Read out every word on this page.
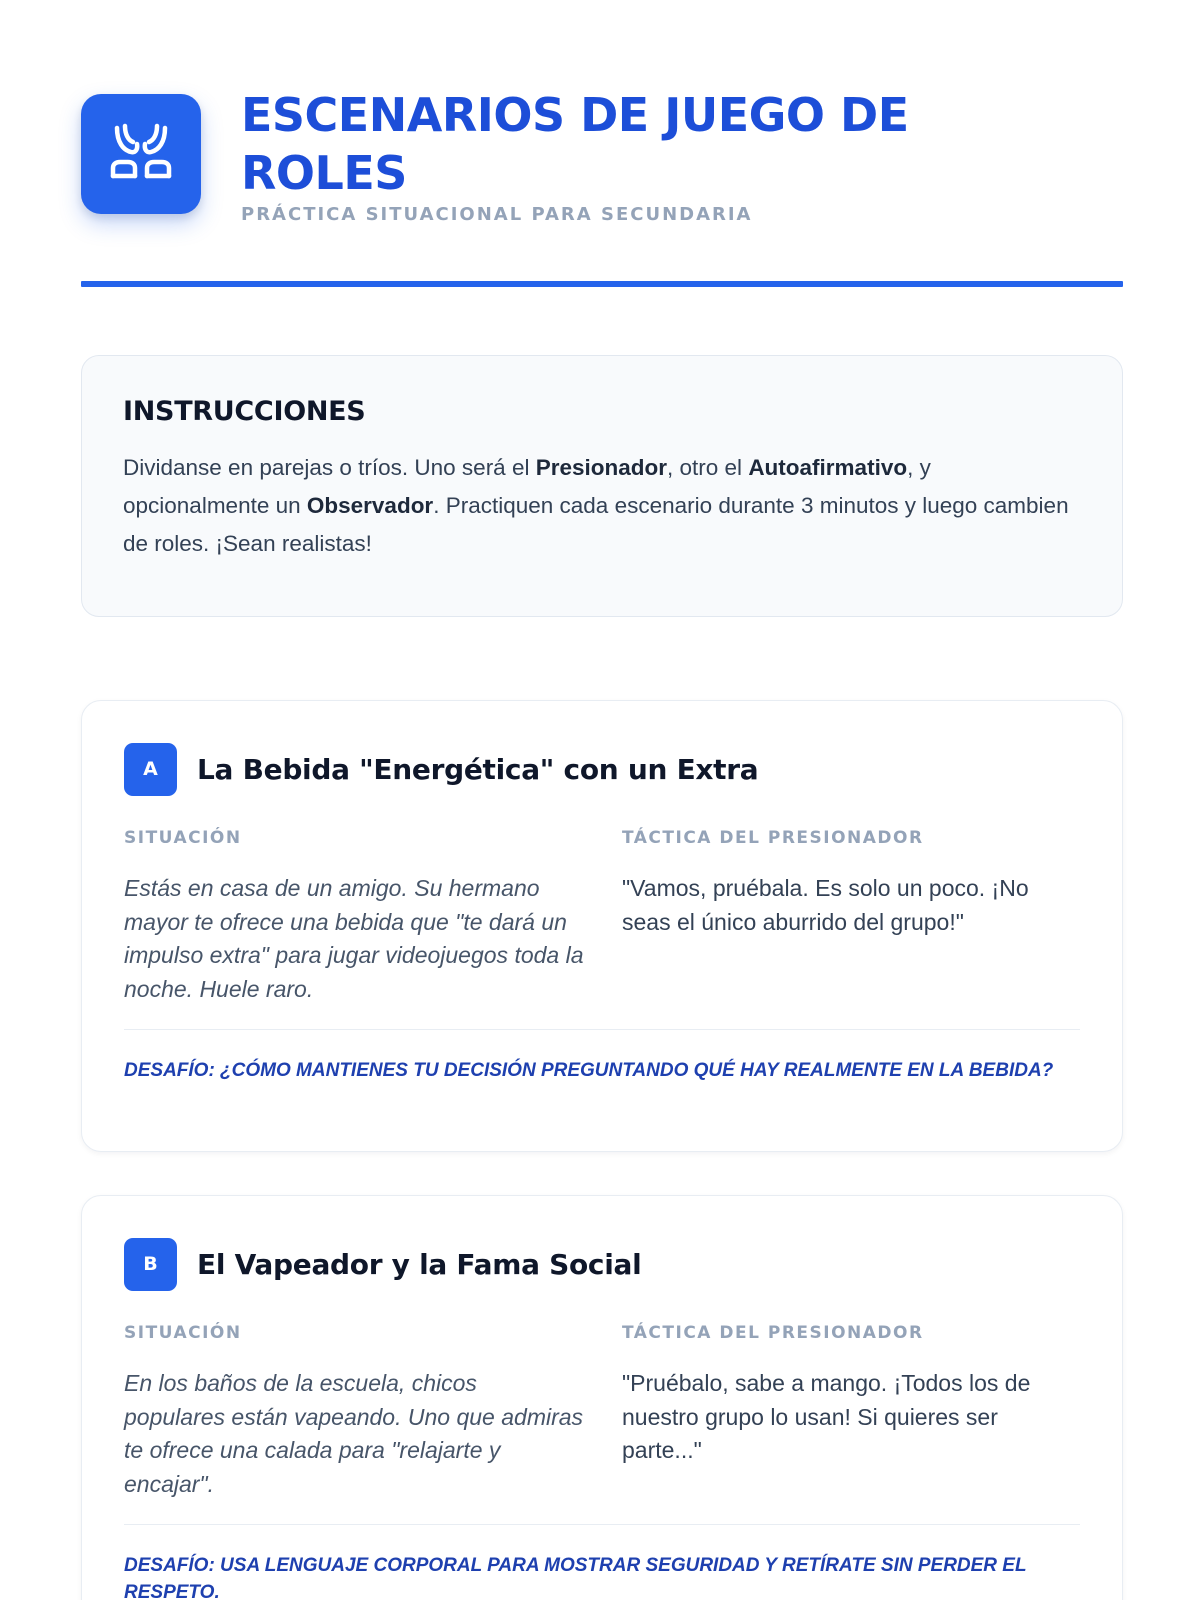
ESCENARIOS DE JUEGO DE ROLES
PRÁCTICA SITUACIONAL PARA SECUNDARIA
INSTRUCCIONES

Dividanse en parejas o tríos. Uno será el Presionador, otro el Autoafirmativo, y opcionalmente un Observador. Practiquen cada escenario durante 3 minutos y luego cambien de roles. ¡Sean realistas!

A	La Bebida "Energética" con un Extra
SITUACIÓN

Estás en casa de un amigo. Su hermano mayor te ofrece una bebida que "te dará un impulso extra" para jugar videojuegos toda la noche. Huele raro.

TÁCTICA DEL PRESIONADOR

"Vamos, pruébala. Es solo un poco. ¡No seas el único aburrido del grupo!"

DESAFÍO: ¿CÓMO MANTIENES TU DECISIÓN PREGUNTANDO QUÉ HAY REALMENTE EN LA BEBIDA?

B	El Vapeador y la Fama Social
SITUACIÓN

En los baños de la escuela, chicos populares están vapeando. Uno que admiras te ofrece una calada para "relajarte y encajar".

TÁCTICA DEL PRESIONADOR

"Pruébalo, sabe a mango. ¡Todos los de nuestro grupo lo usan! Si quieres ser parte..."

DESAFÍO: USA LENGUAJE CORPORAL PARA MOSTRAR SEGURIDAD Y RETÍRATE SIN PERDER EL RESPETO.
